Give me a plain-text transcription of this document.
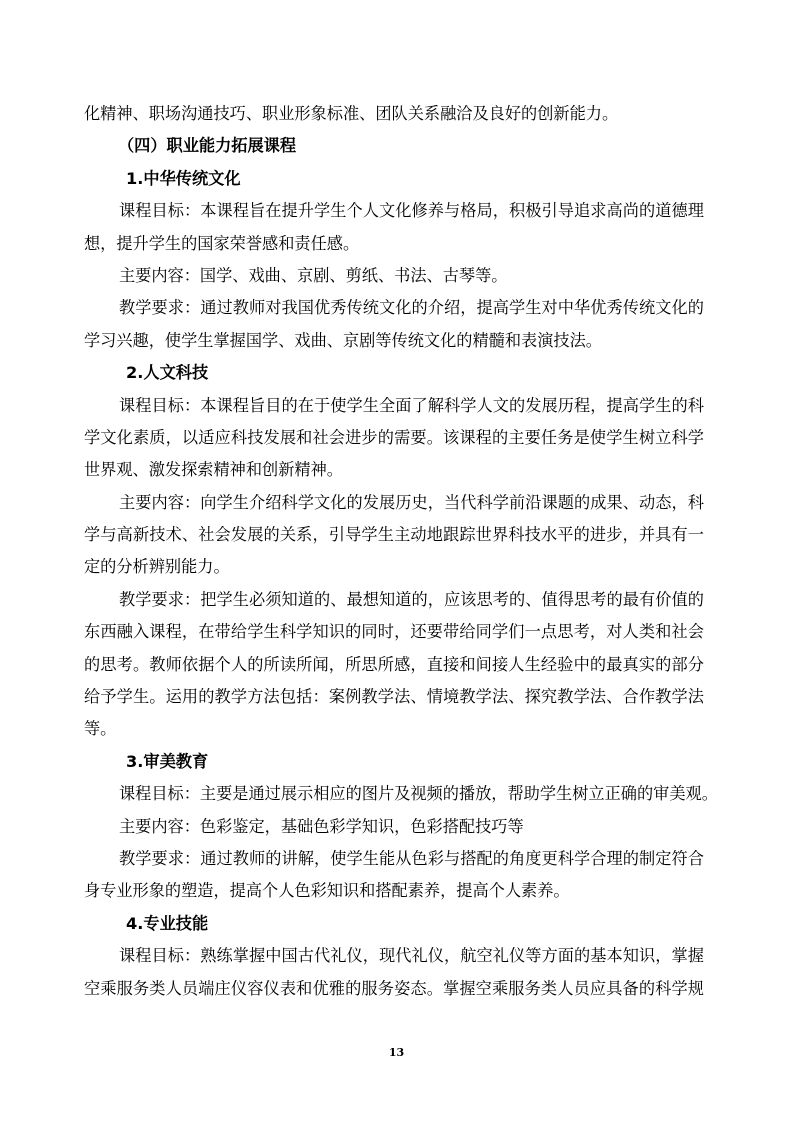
化精神、职场沟通技巧、职业形象标准、团队关系融洽及良好的创新能力。
（四）职业能力拓展课程
1.中华传统文化
课程目标：本课程旨在提升学生个人文化修养与格局，积极引导追求高尚的道德理
想，提升学生的国家荣誉感和责任感。
主要内容：国学、戏曲、京剧、剪纸、书法、古琴等。
教学要求：通过教师对我国优秀传统文化的介绍，提高学生对中华优秀传统文化的
学习兴趣，使学生掌握国学、戏曲、京剧等传统文化的精髓和表演技法。
2.人文科技
课程目标：本课程旨目的在于使学生全面了解科学人文的发展历程，提高学生的科
学文化素质，以适应科技发展和社会进步的需要。该课程的主要任务是使学生树立科学
世界观、激发探索精神和创新精神。
主要内容：向学生介绍科学文化的发展历史，当代科学前沿课题的成果、动态，科
学与高新技术、社会发展的关系，引导学生主动地跟踪世界科技水平的进步，并具有一
定的分析辨别能力。
教学要求：把学生必须知道的、最想知道的，应该思考的、值得思考的最有价值的
东西融入课程，在带给学生科学知识的同时，还要带给同学们一点思考，对人类和社会
的思考。教师依据个人的所读所闻，所思所感，直接和间接人生经验中的最真实的部分
给予学生。运用的教学方法包括：案例教学法、情境教学法、探究教学法、合作教学法
等。
3.审美教育
课程目标：主要是通过展示相应的图片及视频的播放，帮助学生树立正确的审美观。
主要内容：色彩鉴定，基础色彩学知识，色彩搭配技巧等
教学要求：通过教师的讲解，使学生能从色彩与搭配的角度更科学合理的制定符合
身专业形象的塑造，提高个人色彩知识和搭配素养，提高个人素养。
4.专业技能
课程目标：熟练掌握中国古代礼仪，现代礼仪，航空礼仪等方面的基本知识，掌握
空乘服务类人员端庄仪容仪表和优雅的服务姿态。掌握空乘服务类人员应具备的科学规
13
